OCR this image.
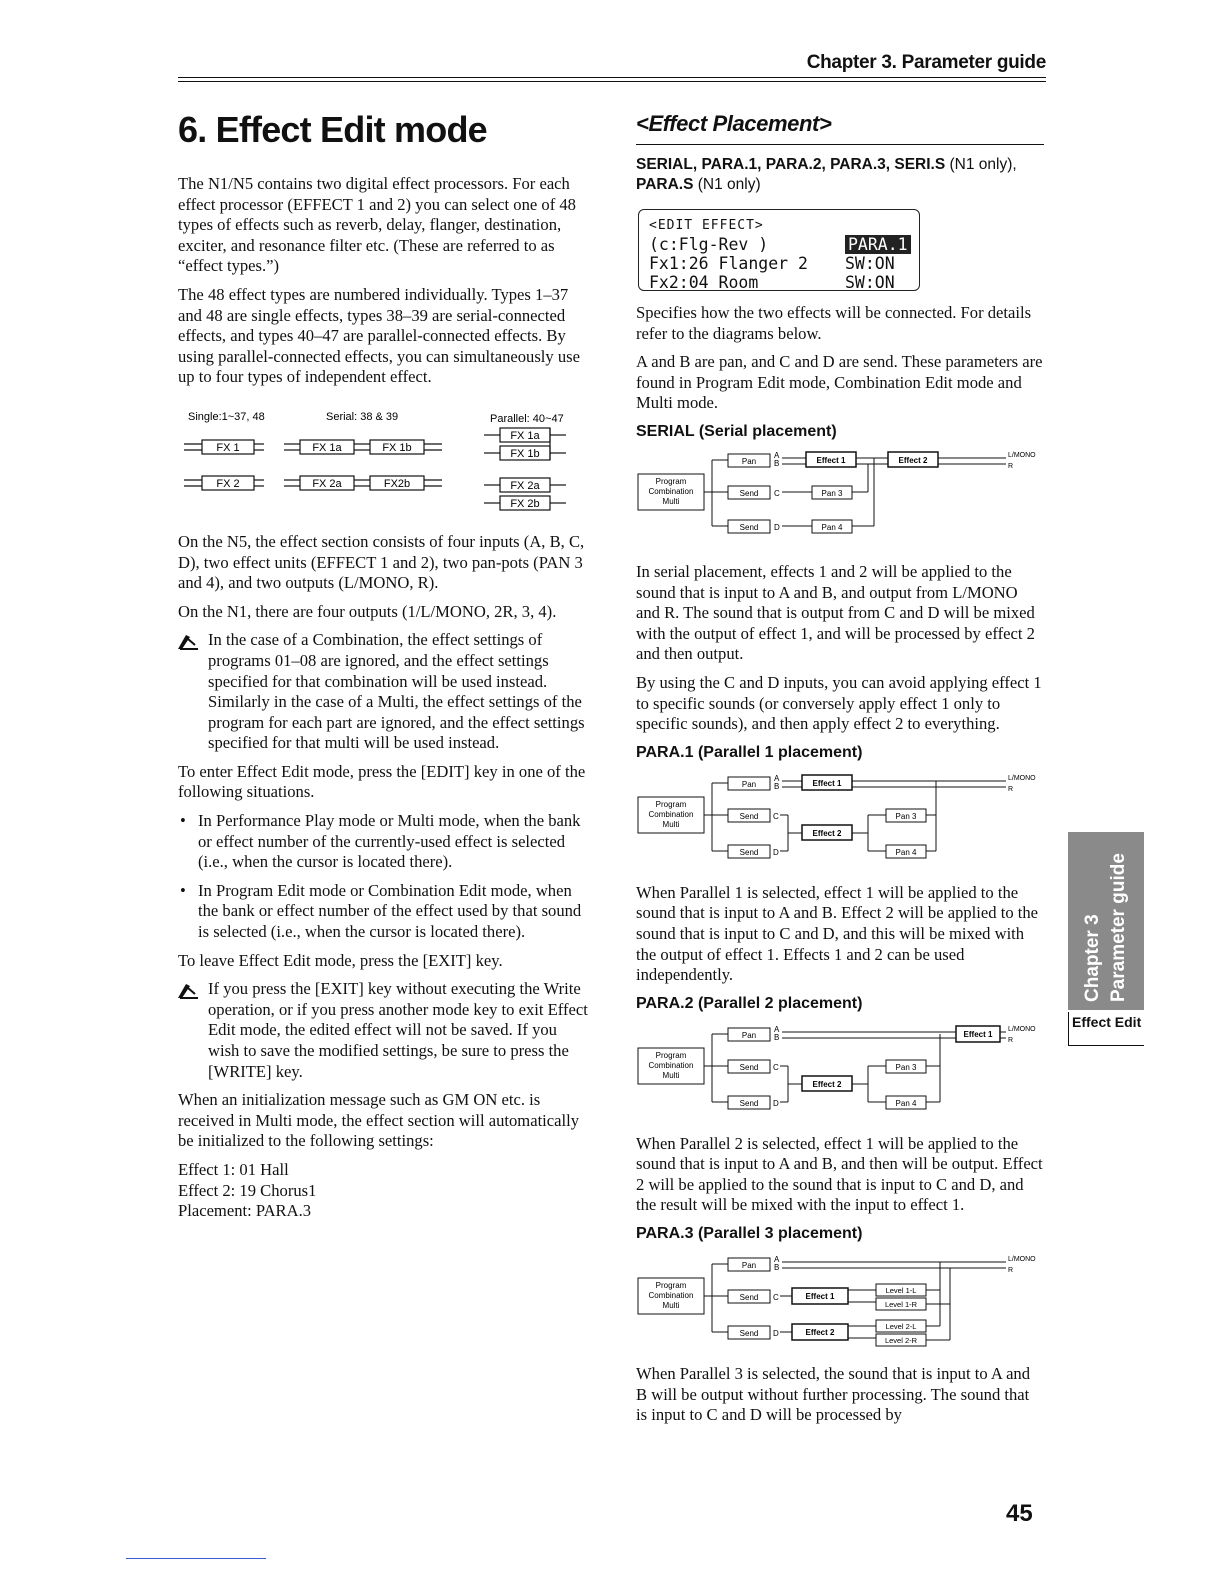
Chapter 3. Parameter guide
6. Effect Edit mode

The N1/N5 contains two digital effect processors. For each effect processor (EFFECT 1 and 2) you can select one of 48 types of effects such as reverb, delay, flanger, destination, exciter, and resonance filter etc. (These are referred to as “effect types.”)

The 48 effect types are numbered individually. Types 1–37 and 48 are single effects, types 38–39 are serial-connected effects, and types 40–47 are parallel-connected effects. By using parallel-connected effects, you can simultaneously use up to four types of independent effect.

Single:1~37, 48	Serial: 38 & 39	Parallel: 40~47
FX 1
FX 2
FX 1a	FX 1b
FX 2a	FX2b
FX 1a
FX 1b
FX 2a
FX 2b

On the N5, the effect section consists of four inputs (A, B, C, D), two effect units (EFFECT 1 and 2), two pan-pots (PAN 3 and 4), and two outputs (L/MONO, R).

On the N1, there are four outputs (1/L/MONO, 2R, 3, 4).

In the case of a Combination, the effect settings of programs 01–08 are ignored, and the effect settings specified for that combination will be used instead. Similarly in the case of a Multi, the effect settings of the program for each part are ignored, and the effect settings specified for that multi will be used instead.

To enter Effect Edit mode, press the [EDIT] key in one of the following situations.

• In Performance Play mode or Multi mode, when the bank or effect number of the currently-used effect is selected (i.e., when the cursor is located there).
• In Program Edit mode or Combination Edit mode, when the bank or effect number of the effect used by that sound is selected (i.e., when the cursor is located there).

To leave Effect Edit mode, press the [EXIT] key.

If you press the [EXIT] key without executing the Write operation, or if you press another mode key to exit Effect Edit mode, the edited effect will not be saved. If you wish to save the modified settings, be sure to press the [WRITE] key.

When an initialization message such as GM ON etc. is received in Multi mode, the effect section will automatically be initialized to the following settings:

Effect 1: 01 Hall
Effect 2: 19 Chorus1
Placement: PARA.3
<Effect Placement>
SERIAL, PARA.1, PARA.2, PARA.3, SERI.S (N1 only),
PARA.S (N1 only)
<EDIT EFFECT>
(c:Flg-Rev )	PARA.1
Fx1:26 Flanger 2 SW:ON
Fx2:04 Room	SW:ON

Specifies how the two effects will be connected. For details refer to the diagrams below.

A and B are pan, and C and D are send. These parameters are found in Program Edit mode, Combination Edit mode and Multi mode.

SERIAL (Serial placement)
Program
Combination
Multi
Pan
Send
Send
A
B
C
D
Effect 1
Pan 3
Pan 4
Effect 2
L/MONO
R

In serial placement, effects 1 and 2 will be applied to the sound that is input to A and B, and output from L/MONO and R. The sound that is output from C and D will be mixed with the output of effect 1, and will be processed by effect 2 and then output.

By using the C and D inputs, you can avoid applying effect 1 to specific sounds (or conversely apply effect 1 only to specific sounds), and then apply effect 2 to everything.

PARA.1 (Parallel 1 placement)
Program
Combination
Multi
Pan
Send
Send
A
B
C
D
Effect 1
Effect 2
Pan 3
Pan 4
L/MONO
R

When Parallel 1 is selected, effect 1 will be applied to the sound that is input to A and B. Effect 2 will be applied to the sound that is input to C and D, and this will be mixed with the output of effect 1. Effects 1 and 2 can be used independently.

PARA.2 (Parallel 2 placement)
Program
Combination
Multi
Pan
Send
Send
A
B
C
D
Effect 1
Effect 2
Pan 3
Pan 4
L/MONO
R

When Parallel 2 is selected, effect 1 will be applied to the sound that is input to A and B, and then will be output. Effect 2 will be applied to the sound that is input to C and D, and the result will be mixed with the input to effect 1.

PARA.3 (Parallel 3 placement)
Program
Combination
Multi
Pan
Send
Send
A
B
C
D
Effect 1
Effect 2
Level 1-L
Level 1-R
Level 2-L
Level 2-R
L/MONO
R

When Parallel 3 is selected, the sound that is input to A and B will be output without further processing. The sound that is input to C and D will be processed by

Chapter 3 Parameter guide
Effect Edit
45
